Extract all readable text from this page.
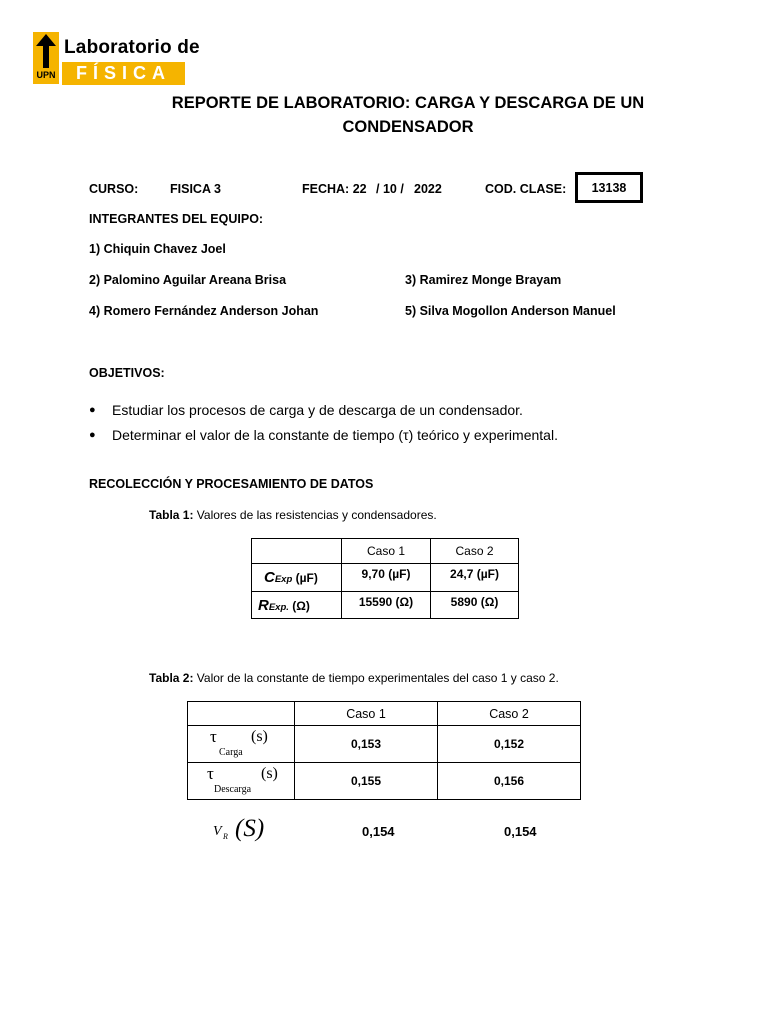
UPN
Laboratorio de
FÍSICA
REPORTE DE LABORATORIO: CARGA Y DESCARGA DE UN
CONDENSADOR
CURSO:	FISICA 3	FECHA: 22 / 10 / 2022	COD. CLASE: 13138
INTEGRANTES DEL EQUIPO:
1) Chiquin Chavez Joel
2) Palomino Aguilar Areana Brisa	3) Ramirez Monge Brayam
4) Romero Fernández Anderson Johan	5) Silva Mogollon Anderson Manuel
OBJETIVOS:
● Estudiar los procesos de carga y de descarga de un condensador.
● Determinar el valor de la constante de tiempo (τ) teórico y experimental.
RECOLECCIÓN Y PROCESAMIENTO DE DATOS
Tabla 1: Valores de las resistencias y condensadores.
	Caso 1	Caso 2
CExp (µF)	9,70 (µF)	24,7 (µF)
RExp. (Ω)	15590 (Ω)	5890 (Ω)
Tabla 2: Valor de la constante de tiempo experimentales del caso 1 y caso 2.
	Caso 1	Caso 2

τ (s)
Carga	0,153	0,152

τ (s)
Descarga	0,155	0,156
V R (S)	0,154	0,154
